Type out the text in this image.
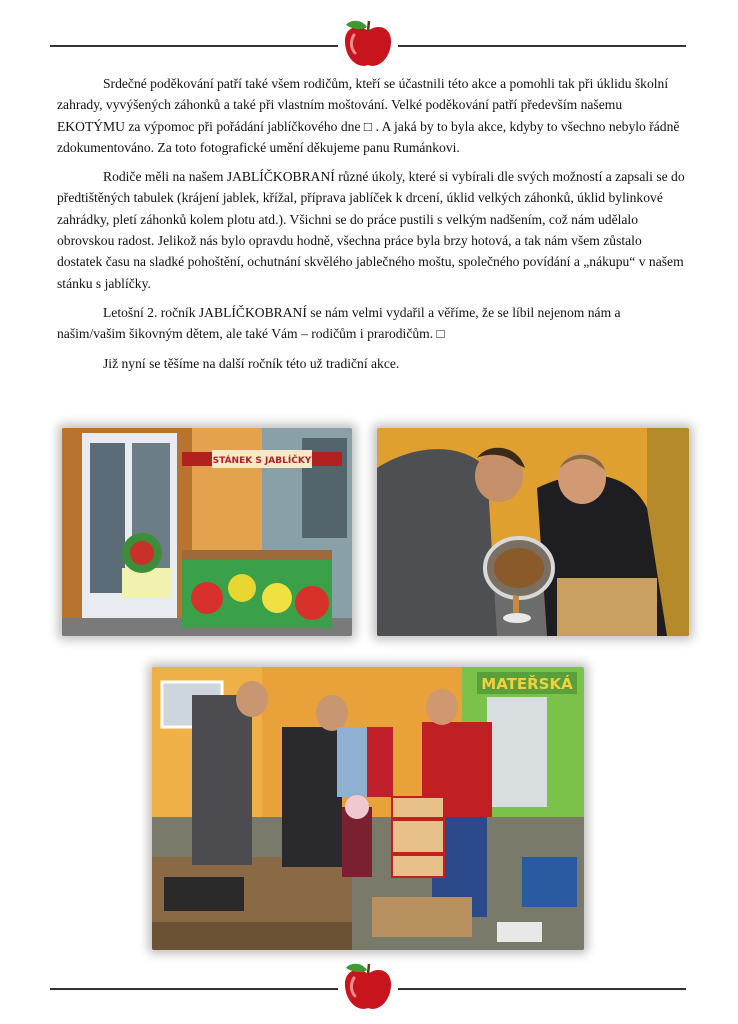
Srdečné poděkování patří také všem rodičům, kteří se účastnili této akce a pomohli tak při úklidu školní zahrady, vyvýšených záhonků a také při vlastním moštování. Velké poděkování patří především našemu EKOTÝMU za výpomoc při pořádání jablíčkového dne □ . A jaká by to byla akce, kdyby to všechno nebylo řádně zdokumentováno. Za toto fotografické umění děkujeme panu Rumánkovi.

Rodiče měli na našem JABLÍČKOBRANÍ různé úkoly, které si vybírali dle svých možností a zapsali se do předtištěných tabulek (krájení jablek, křížal, příprava jablíček k drcení, úklid velkých záhonků, úklid bylinkové zahrádky, pletí záhonků kolem plotu atd.). Všichni se do práce pustili s velkým nadšením, což nám udělalo obrovskou radost. Jelikož nás bylo opravdu hodně, všechna práce byla brzy hotová, a tak nám všem zůstalo dostatek času na sladké pohoštění, ochutnání skvělého jablečného moštu, společného povídání a „nákupu“ v našem stánku s jablíčky.

Letošní 2. ročník JABLÍČKOBRANÍ se nám velmi vydařil a věříme, že se líbil nejenom nám a našim/vašim šikovným dětem, ale také Vám – rodičům i prarodičům. □

Již nyní se těšíme na další ročník této už tradiční akce.

STÁNEK S JABLÍČKY
MATEŘSKÁ
